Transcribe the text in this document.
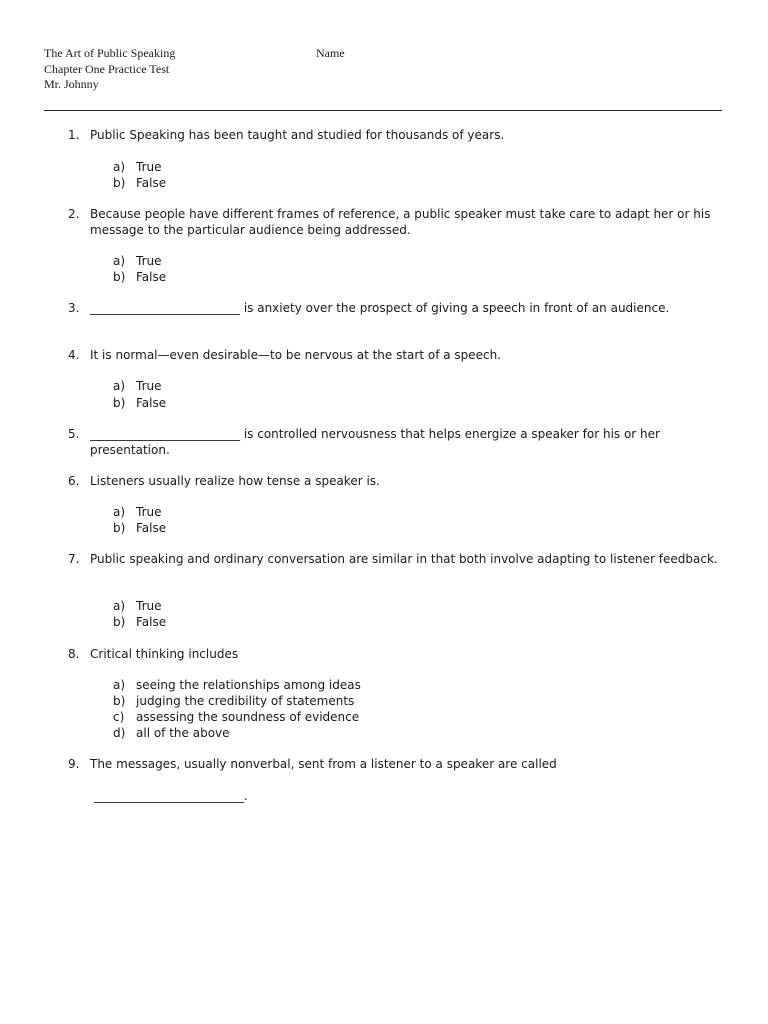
The Art of Public Speaking
Chapter One Practice Test
Mr. Johnny
Name
1. Public Speaking has been taught and studied for thousands of years.
a) True
b) False
2. Because people have different frames of reference, a public speaker must take care to adapt her or his message to the particular audience being addressed.
a) True
b) False
3. _________________________ is anxiety over the prospect of giving a speech in front of an audience.
4. It is normal—even desirable—to be nervous at the start of a speech.
a) True
b) False
5. _________________________ is controlled nervousness that helps energize a speaker for his or her presentation.
6. Listeners usually realize how tense a speaker is.
a) True
b) False
7. Public speaking and ordinary conversation are similar in that both involve adapting to listener feedback.
a) True
b) False
8. Critical thinking includes
a) seeing the relationships among ideas
b) judging the credibility of statements
c) assessing the soundness of evidence
d) all of the above
9. The messages, usually nonverbal, sent from a listener to a speaker are called
_________________________.
